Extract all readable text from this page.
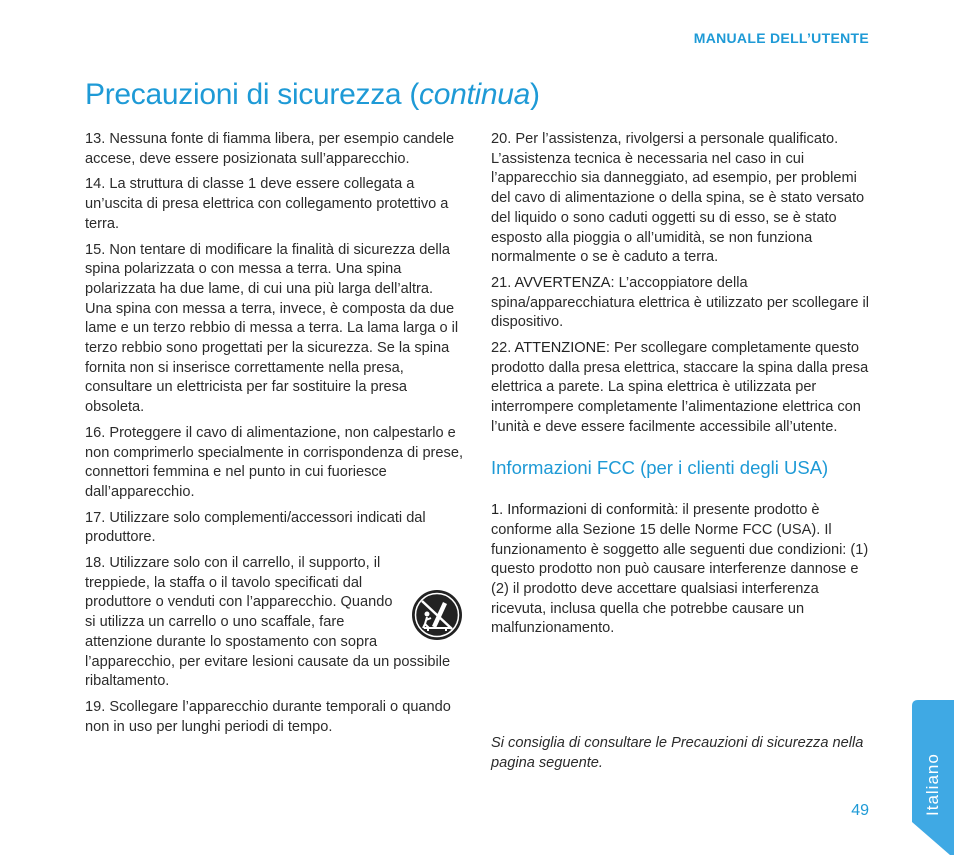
MANUALE DELL’UTENTE
Precauzioni di sicurezza (continua)

13. Nessuna fonte di fiamma libera, per esempio candele accese, deve essere posizionata sull’apparecchio.

14. La struttura di classe 1 deve essere collegata a un’uscita di presa elettrica con collegamento protettivo a terra.

15. Non tentare di modificare la finalità di sicurezza della spina polarizzata o con messa a terra. Una spina polarizzata ha due lame, di cui una più larga dell’altra. Una spina con messa a terra, invece, è composta da due lame e un terzo rebbio di messa a terra. La lama larga o il terzo rebbio sono progettati per la sicurezza. Se la spina fornita non si inserisce correttamente nella presa, consultare un elettricista per far sostituire la presa obsoleta.

16. Proteggere il cavo di alimentazione, non calpestarlo e non comprimerlo specialmente in corrispondenza di prese, connettori femmina e nel punto in cui fuoriesce dall’apparecchio.

17. Utilizzare solo complementi/accessori indicati dal produttore.

18. Utilizzare solo con il carrello, il supporto, il treppiede, la staffa o il tavolo specificati dal produttore o venduti con l’apparecchio. Quando si utilizza un carrello o uno scaffale, fare attenzione durante lo spostamento con sopra l’apparecchio, per evitare lesioni causate da un possibile ribaltamento.

19. Scollegare l’apparecchio durante temporali o quando non in uso per lunghi periodi di tempo.

20. Per l’assistenza, rivolgersi a personale qualificato. L’assistenza tecnica è necessaria nel caso in cui l’apparecchio sia danneggiato, ad esempio, per problemi del cavo di alimentazione o della spina, se è stato versato del liquido o sono caduti oggetti su di esso, se è stato esposto alla pioggia o all’umidità, se non funziona normalmente o se è caduto a terra.

21. AVVERTENZA: L’accoppiatore della spina/apparecchiatura elettrica è utilizzato per scollegare il dispositivo.

22. ATTENZIONE: Per scollegare completamente questo prodotto dalla presa elettrica, staccare la spina dalla presa elettrica a parete. La spina elettrica è utilizzata per interrompere completamente l’alimentazione elettrica con l’unità e deve essere facilmente accessibile all’utente.

Informazioni FCC (per i clienti degli USA)

1. Informazioni di conformità: il presente prodotto è conforme alla Sezione 15 delle Norme FCC (USA). Il funzionamento è soggetto alle seguenti due condizioni: (1) questo prodotto non può causare interferenze dannose e (2) il prodotto deve accettare qualsiasi interferenza ricevuta, inclusa quella che potrebbe causare un malfunzionamento.

Si consiglia di consultare le Precauzioni di sicurezza nella pagina seguente.
49	Italiano
